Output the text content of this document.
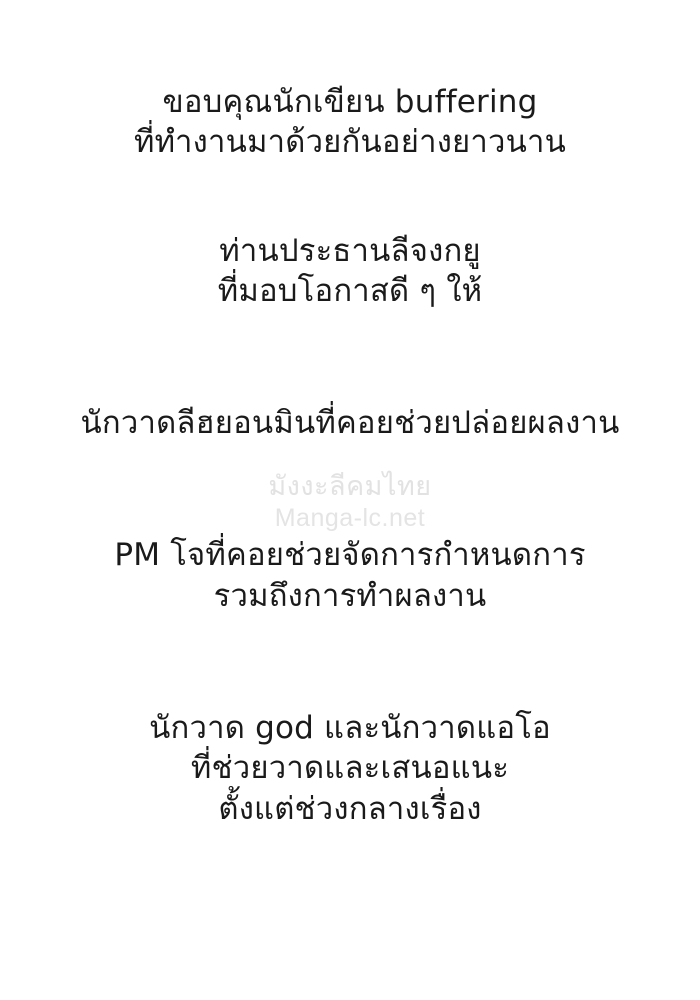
ขอบคุณนักเขียน buffering
ที่ทำงานมาด้วยกันอย่างยาวนาน
ท่านประธานลีจงกยู
ที่มอบโอกาสดี ๆ ให้
นักวาดลีฮยอนมินที่คอยช่วยปล่อยผลงาน
PM โจที่คอยช่วยจัดการกำหนดการ
รวมถึงการทำผลงาน
นักวาด god และนักวาดแอโอ
ที่ช่วยวาดและเสนอแนะ
ตั้งแต่ช่วงกลางเรื่อง
มังงะลีคมไทย
Manga-lc.net
